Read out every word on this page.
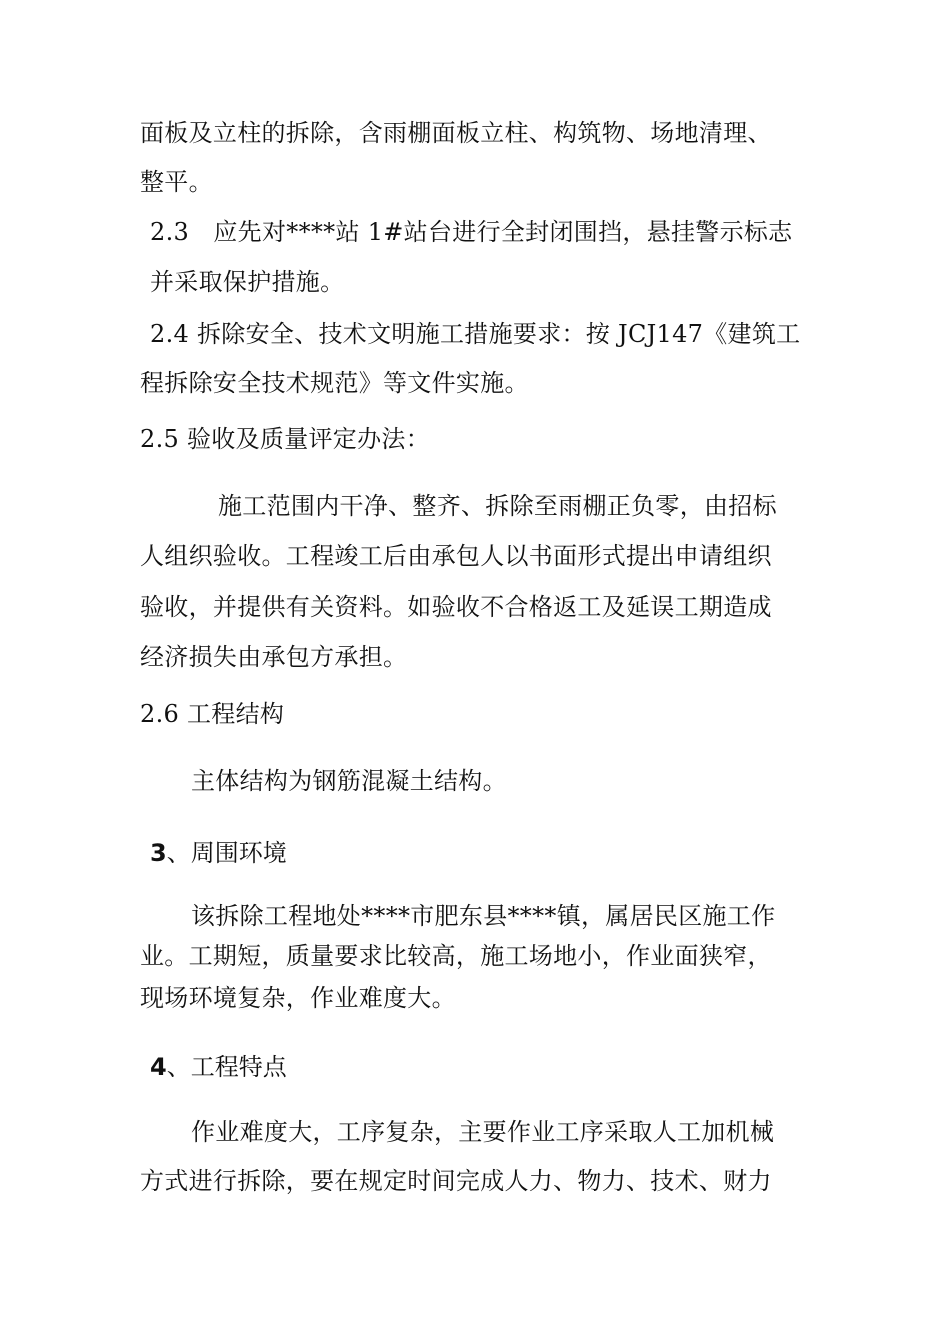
面板及立柱的拆除，含雨棚面板立柱、构筑物、场地清理、
整平。
2.3　应先对****站 1#站台进行全封闭围挡，悬挂警示标志
并采取保护措施。
2.4 拆除安全、技术文明施工措施要求：按 JCJ147《建筑工
程拆除安全技术规范》等文件实施。
2.5 验收及质量评定办法：
施工范围内干净、整齐、拆除至雨棚正负零，由招标
人组织验收。工程竣工后由承包人以书面形式提出申请组织
验收，并提供有关资料。如验收不合格返工及延误工期造成
经济损失由承包方承担。
2.6 工程结构
主体结构为钢筋混凝土结构。
3、周围环境
该拆除工程地处****市肥东县****镇，属居民区施工作
业。工期短，质量要求比较高，施工场地小，作业面狭窄，
现场环境复杂，作业难度大。
4、工程特点
作业难度大，工序复杂，主要作业工序采取人工加机械
方式进行拆除，要在规定时间完成人力、物力、技术、财力
